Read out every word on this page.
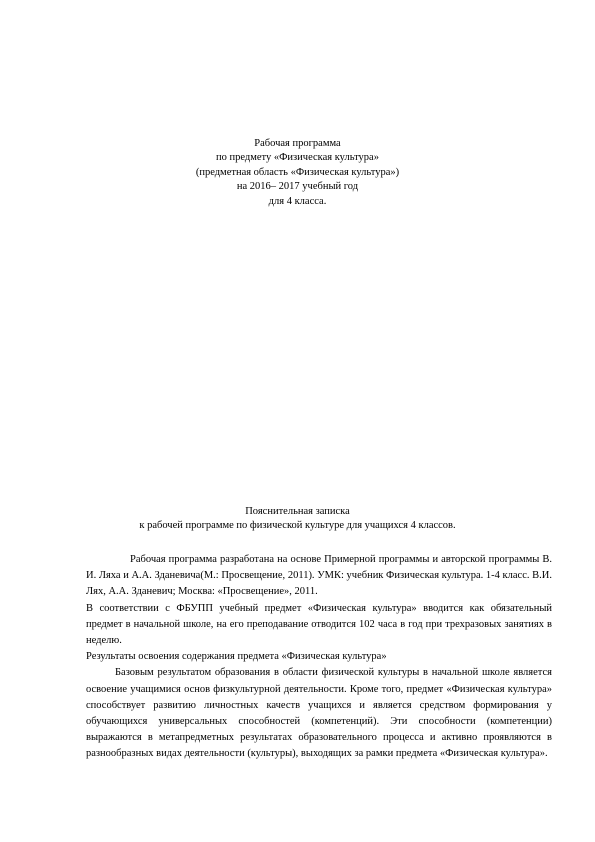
Рабочая программа
по предмету «Физическая культура»
(предметная область «Физическая культура»)
на 2016– 2017 учебный год
для 4 класса.
Пояснительная записка
к рабочей программе по физической культуре для учащихся 4 классов.

Рабочая программа разработана на основе Примерной программы и авторской программы В. И. Ляха и А.А. Зданевича(М.: Просвещение, 2011). УМК: учебник Физическая культура. 1-4 класс. В.И. Лях, А.А. Зданевич; Москва: «Просвещение», 2011.

В соответствии с ФБУПП учебный предмет «Физическая культура» вводится как обязательный предмет в начальной школе, на его преподавание отводится 102 часа в год при трехразовых занятиях в неделю.

Результаты освоения содержания предмета «Физическая культура»

Базовым результатом образования в области физической культуры в начальной школе является освоение учащимися основ физкультурной деятельности. Кроме того, предмет «Физическая культура» способствует развитию личностных качеств учащихся и является средством формирования у обучающихся универсальных способностей (компетенций). Эти способности (компетенции) выражаются в метапредметных результатах образовательного процесса и активно проявляются в разнообразных видах деятельности (культуры), выходящих за рамки предмета «Физическая культура».
